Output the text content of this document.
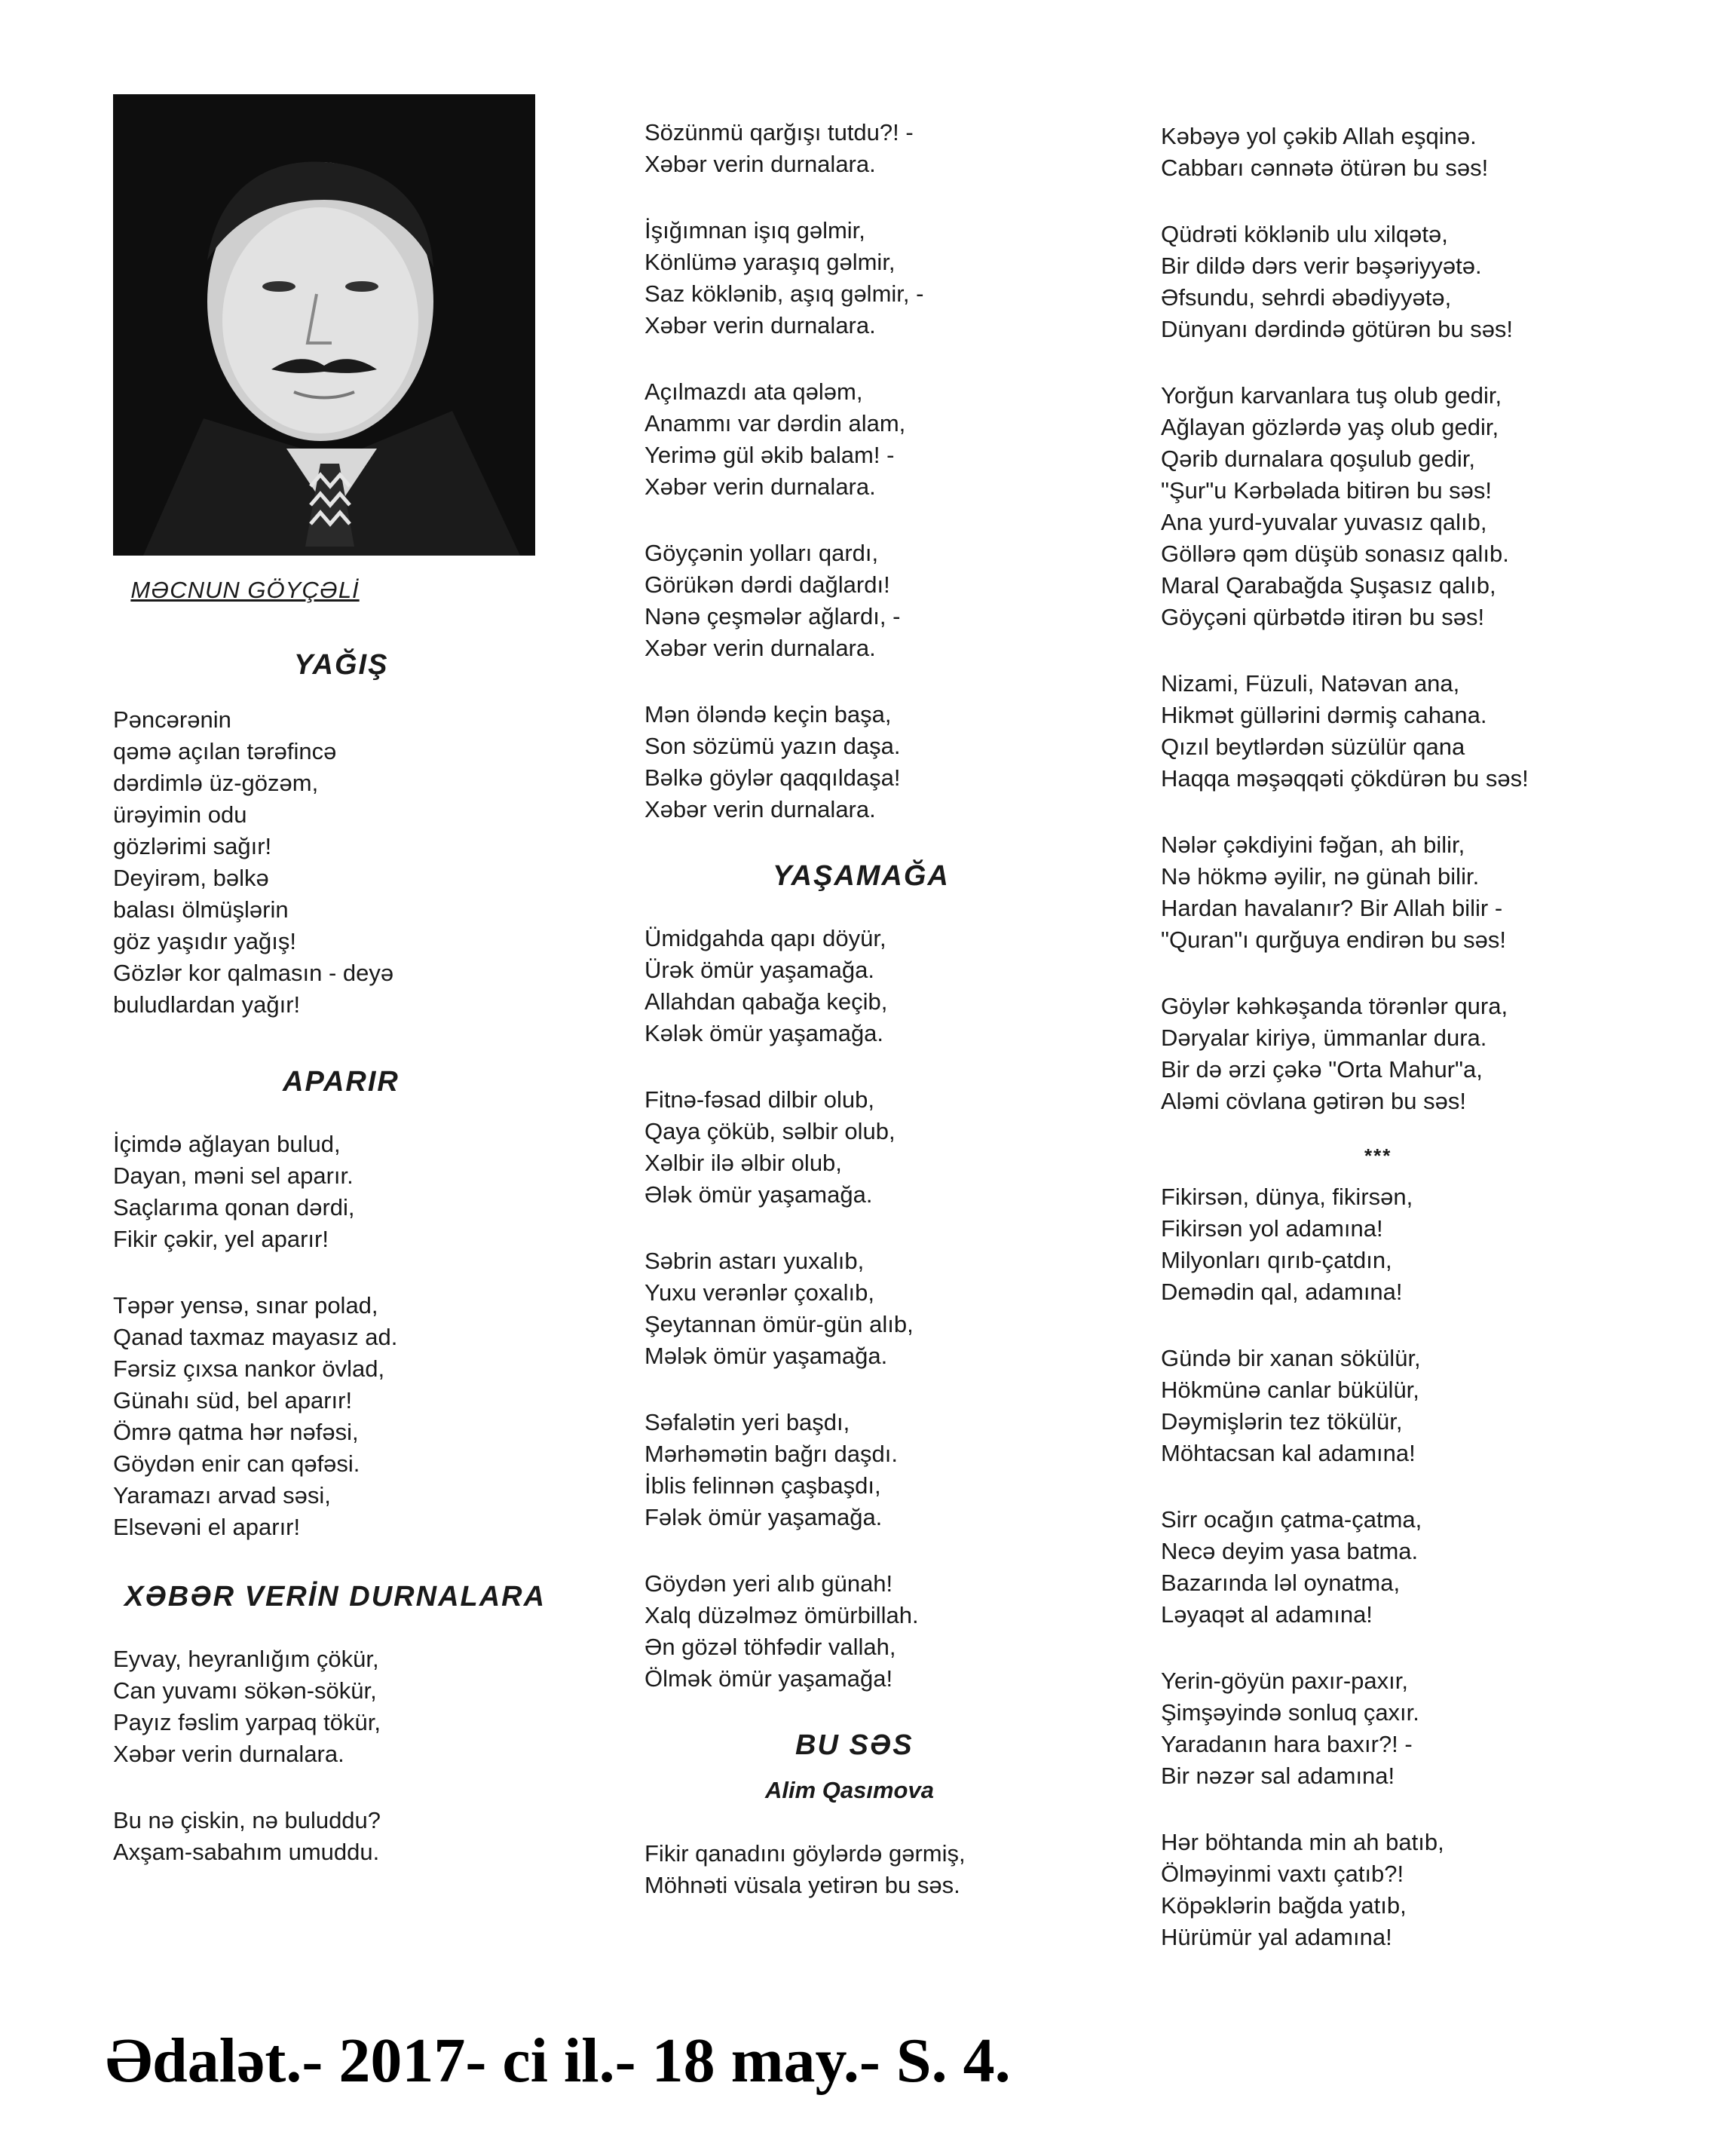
MƏCNUN GÖYÇƏLİ
YAĞIŞ
Pəncərənin
qəmə açılan tərəfincə
dərdimlə üz-gözəm,
ürəyimin odu
gözlərimi sağır!
Deyirəm, bəlkə
balası ölmüşlərin
göz yaşıdır yağış!
Gözlər kor qalmasın - deyə
buludlardan yağır!
APARIR
İçimdə ağlayan bulud,
Dayan, məni sel aparır.
Saçlarıma qonan dərdi,
Fikir çəkir, yel aparır!
Təpər yensə, sınar polad,
Qanad taxmaz mayasız ad.
Fərsiz çıxsa nankor övlad,
Günahı süd, bel aparır!
Ömrə qatma hər nəfəsi,
Göydən enir can qəfəsi.
Yaramazı arvad səsi,
Elsevəni el aparır!
XƏBƏR VERİN DURNALARA
Eyvay, heyranlığım çökür,
Can yuvamı sökən-sökür,
Payız fəslim yarpaq tökür,
Xəbər verin durnalara.
Bu nə çiskin, nə buluddu?
Axşam-sabahım umuddu.
Sözünmü qarğışı tutdu?! -
Xəbər verin durnalara.
İşığımnan işıq gəlmir,
Könlümə yaraşıq gəlmir,
Saz köklənib, aşıq gəlmir, -
Xəbər verin durnalara.
Açılmazdı ata qələm,
Anammı var dərdin alam,
Yerimə gül əkib balam! -
Xəbər verin durnalara.
Göyçənin yolları qardı,
Görükən dərdi dağlardı!
Nənə çeşmələr ağlardı, -
Xəbər verin durnalara.
Mən öləndə keçin başa,
Son sözümü yazın daşa.
Bəlkə göylər qaqqıldaşa!
Xəbər verin durnalara.
YAŞAMAĞA
Ümidgahda qapı döyür,
Ürək ömür yaşamağa.
Allahdan qabağa keçib,
Kələk ömür yaşamağa.
Fitnə-fəsad dilbir olub,
Qaya çöküb, səlbir olub,
Xəlbir ilə əlbir olub,
Ələk ömür yaşamağa.
Səbrin astarı yuxalıb,
Yuxu verənlər çoxalıb,
Şeytannan ömür-gün alıb,
Mələk ömür yaşamağa.
Səfalətin yeri başdı,
Mərhəmətin bağrı daşdı.
İblis felinnən çaşbaşdı,
Fələk ömür yaşamağa.
Göydən yeri alıb günah!
Xalq düzəlməz ömürbillah.
Ən gözəl töhfədir vallah,
Ölmək ömür yaşamağa!
BU SƏS
Alim Qasımova
Fikir qanadını göylərdə gərmiş,
Möhnəti vüsala yetirən bu səs.
Kəbəyə yol çəkib Allah eşqinə.
Cabbarı cənnətə ötürən bu səs!
Qüdrəti köklənib ulu xilqətə,
Bir dildə dərs verir bəşəriyyətə.
Əfsundu, sehrdi əbədiyyətə,
Dünyanı dərdində götürən bu səs!
Yorğun karvanlara tuş olub gedir,
Ağlayan gözlərdə yaş olub gedir,
Qərib durnalara qoşulub gedir,
"Şur"u Kərbəlada bitirən bu səs!
Ana yurd-yuvalar yuvasız qalıb,
Göllərə qəm düşüb sonasız qalıb.
Maral Qarabağda Şuşasız qalıb,
Göyçəni qürbətdə itirən bu səs!
Nizami, Füzuli, Natəvan ana,
Hikmət güllərini dərmiş cahana.
Qızıl beytlərdən süzülür qana
Haqqa məşəqqəti çökdürən bu səs!
Nələr çəkdiyini fəğan, ah bilir,
Nə hökmə əyilir, nə günah bilir.
Hardan havalanır? Bir Allah bilir -
"Quran"ı qurğuya endirən bu səs!
Göylər kəhkəşanda törənlər qura,
Dəryalar kiriyə, ümmanlar dura.
Bir də ərzi çəkə "Orta Mahur"a,
Aləmi cövlana gətirən bu səs!
***
Fikirsən, dünya, fikirsən,
Fikirsən yol adamına!
Milyonları qırıb-çatdın,
Demədin qal, adamına!
Gündə bir xanan sökülür,
Hökmünə canlar bükülür,
Dəymişlərin tez tökülür,
Möhtacsan kal adamına!
Sirr ocağın çatma-çatma,
Necə deyim yasa batma.
Bazarında ləl oynatma,
Ləyaqət al adamına!
Yerin-göyün paxır-paxır,
Şimşəyində sonluq çaxır.
Yaradanın hara baxır?! -
Bir nəzər sal adamına!
Hər böhtanda min ah batıb,
Ölməyinmi vaxtı çatıb?!
Köpəklərin bağda yatıb,
Hürümür yal adamına!
Ədalət.- 2017- ci il.- 18 may.- S. 4.
